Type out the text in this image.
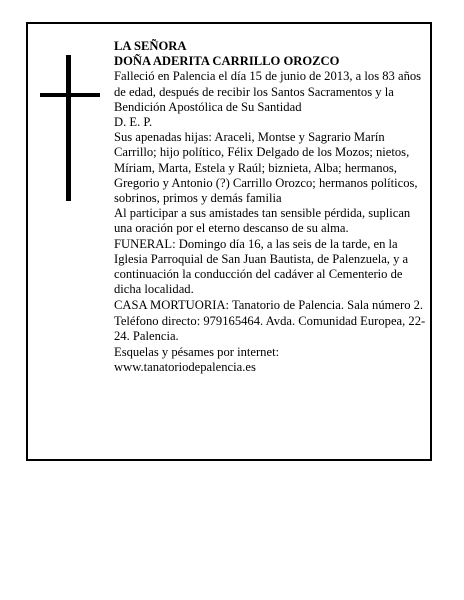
LA SEÑORA
DOÑA ADERITA CARRILLO OROZCO

Falleció en Palencia el día 15 de junio de 2013, a los 83 años de edad, después de recibir los Santos Sacramentos y la Bendición Apostólica de Su Santidad

D. E. P.

Sus apenadas hijas: Araceli, Montse y Sagrario Marín Carrillo; hijo político, Félix Delgado de los Mozos; nietos, Míriam, Marta, Estela y Raúl; biznieta, Alba; hermanos, Gregorio y Antonio (?) Carrillo Orozco; hermanos políticos, sobrinos, primos y demás familia

Al participar a sus amistades tan sensible pérdida, suplican una oración por el eterno descanso de su alma.

FUNERAL: Domingo día 16, a las seis de la tarde, en la Iglesia Parroquial de San Juan Bautista, de Palenzuela, y a continuación la conducción del cadáver al Cementerio de dicha localidad.

CASA MORTUORIA: Tanatorio de Palencia. Sala número 2. Teléfono directo: 979165464. Avda. Comunidad Europea, 22-24. Palencia.

Esquelas y pésames por internet:

www.tanatoriodepalencia.es
